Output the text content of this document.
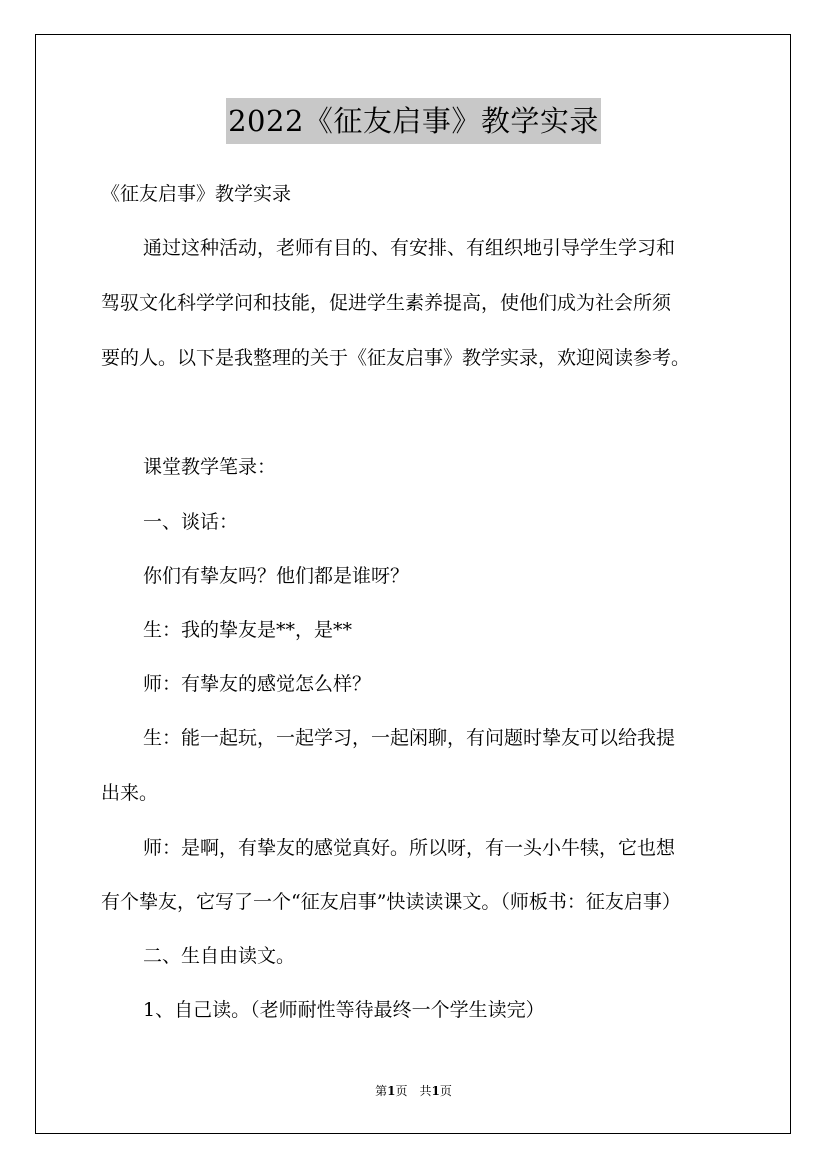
2022《征友启事》教学实录
《征友启事》教学实录
通过这种活动，老师有目的、有安排、有组织地引导学生学习和
驾驭文化科学学问和技能，促进学生素养提高，使他们成为社会所须
要的人。以下是我整理的关于《征友启事》教学实录，欢迎阅读参考。
课堂教学笔录：
一、谈话：
你们有挚友吗？他们都是谁呀？
生：我的挚友是**，是**
师：有挚友的感觉怎么样？
生：能一起玩，一起学习，一起闲聊，有问题时挚友可以给我提
出来。
师：是啊，有挚友的感觉真好。所以呀，有一头小牛犊，它也想
有个挚友，它写了一个“征友启事”快读读课文。（师板书：征友启事）
二、生自由读文。
1、自己读。（老师耐性等待最终一个学生读完）
第1页　共1页
